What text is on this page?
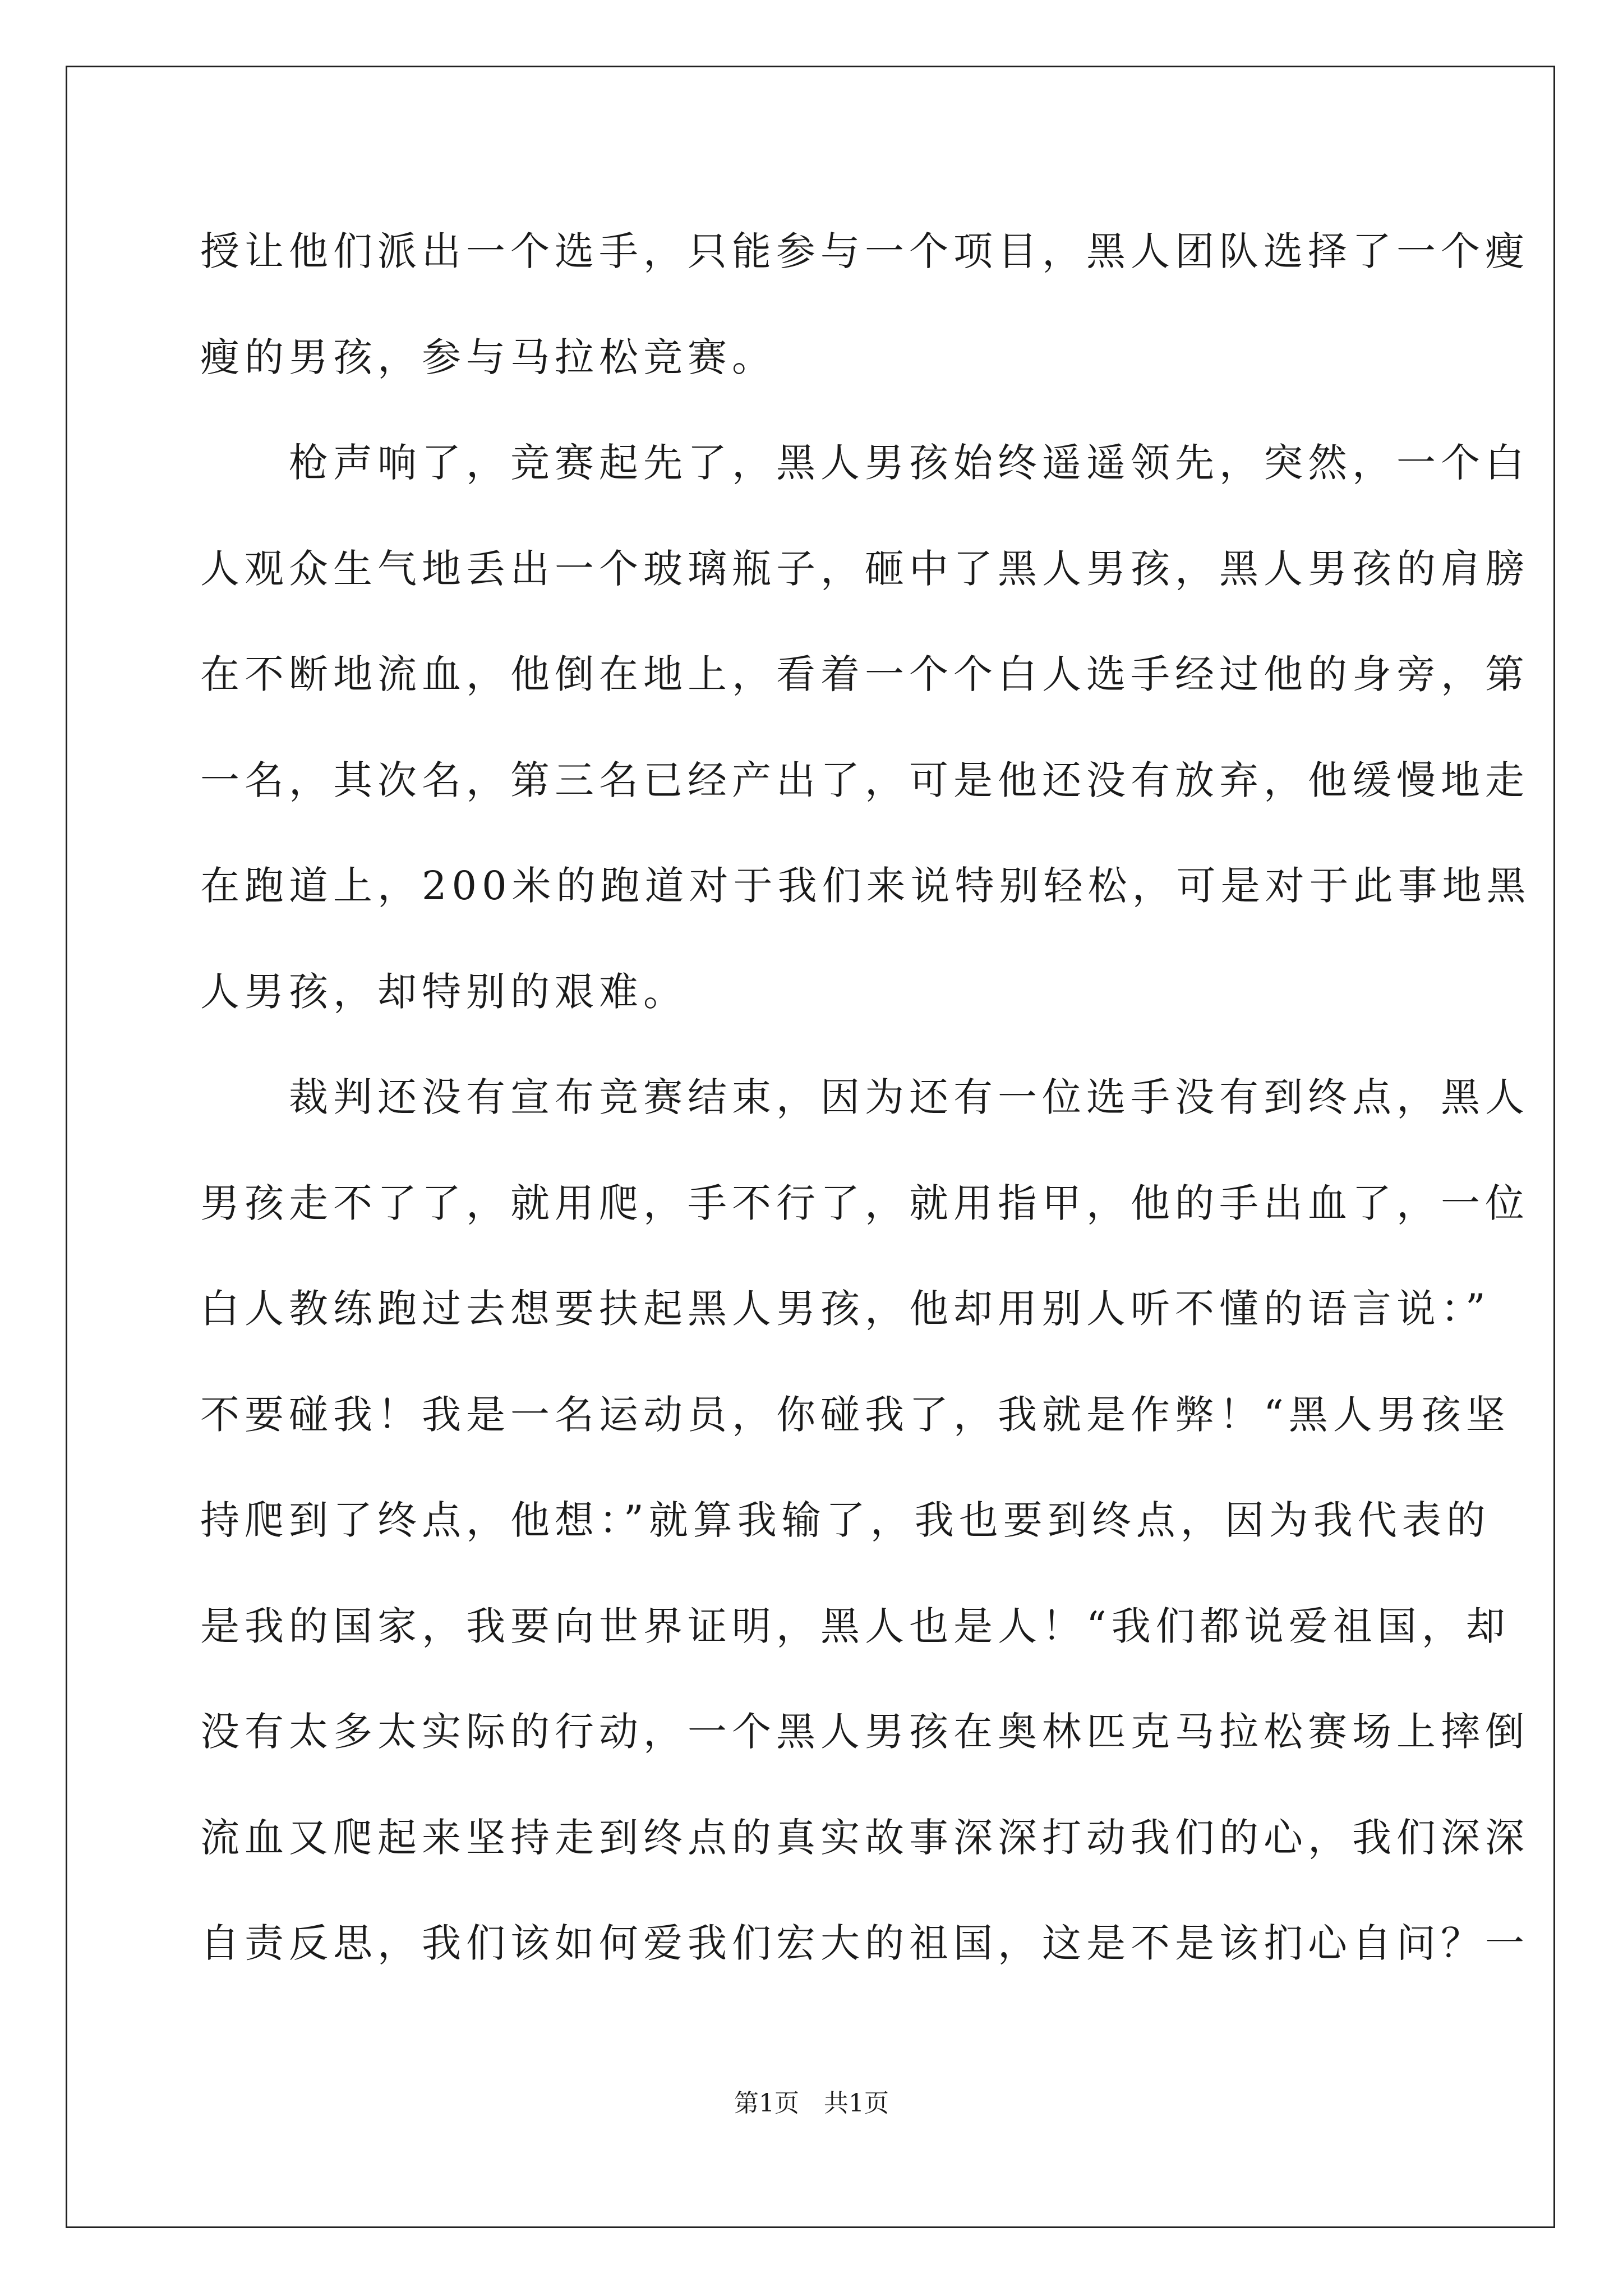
授让他们派出一个选手，只能参与一个项目，黑人团队选择了一个瘦
瘦的男孩，参与马拉松竞赛。
　　枪声响了，竞赛起先了，黑人男孩始终遥遥领先，突然，一个白
人观众生气地丢出一个玻璃瓶子，砸中了黑人男孩，黑人男孩的肩膀
在不断地流血，他倒在地上，看着一个个白人选手经过他的身旁，第
一名，其次名，第三名已经产出了，可是他还没有放弃，他缓慢地走
在跑道上，200米的跑道对于我们来说特别轻松，可是对于此事地黑
人男孩，却特别的艰难。
　　裁判还没有宣布竞赛结束，因为还有一位选手没有到终点，黑人
男孩走不了了，就用爬，手不行了，就用指甲，他的手出血了，一位
白人教练跑过去想要扶起黑人男孩，他却用别人听不懂的语言说：”
不要碰我！我是一名运动员，你碰我了，我就是作弊！“黑人男孩坚
持爬到了终点，他想：”就算我输了，我也要到终点，因为我代表的
是我的国家，我要向世界证明，黑人也是人！“我们都说爱祖国，却
没有太多太实际的行动，一个黑人男孩在奥林匹克马拉松赛场上摔倒
流血又爬起来坚持走到终点的真实故事深深打动我们的心，我们深深
自责反思，我们该如何爱我们宏大的祖国，这是不是该扪心自问？一
第1页　共1页
